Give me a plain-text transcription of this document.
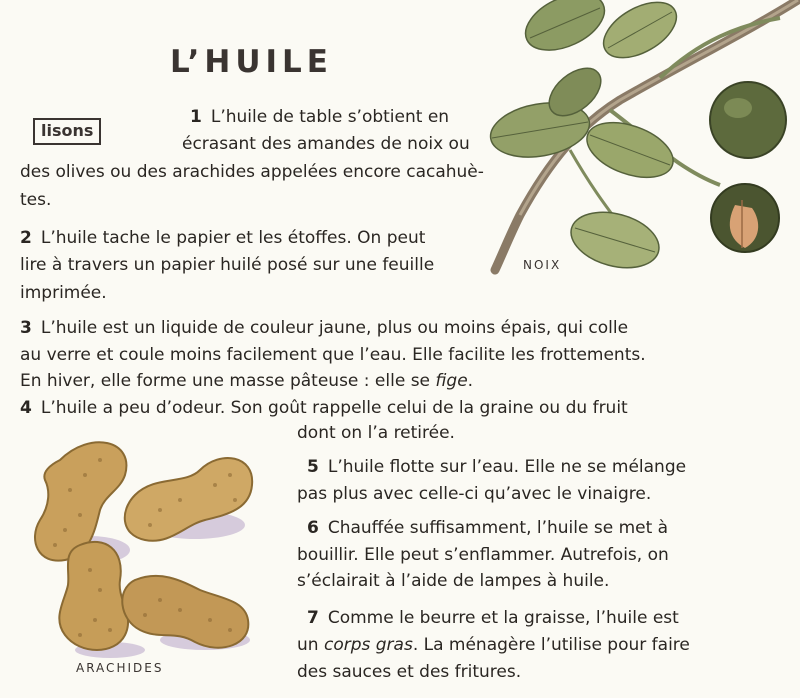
L’HUILE
lisons
NOIX
ARACHIDES
1 L’huile de table s’obtient en
écrasant des amandes de noix ou
des olives ou des arachides appelées encore cacahuè-
tes.
2 L’huile tache le papier et les étoffes. On peut
lire à travers un papier huilé posé sur une feuille
imprimée.
3 L’huile est un liquide de couleur jaune, plus ou moins épais, qui colle
au verre et coule moins facilement que l’eau. Elle facilite les frottements.
En hiver, elle forme une masse pâteuse : elle se fige.
4 L’huile a peu d’odeur. Son goût rappelle celui de la graine ou du fruit
dont on l’a retirée.
5 L’huile flotte sur l’eau. Elle ne se mélange
pas plus avec celle-ci qu’avec le vinaigre.
6 Chauffée suffisamment, l’huile se met à
bouillir. Elle peut s’enflammer. Autrefois, on
s’éclairait à l’aide de lampes à huile.
7 Comme le beurre et la graisse, l’huile est
un corps gras. La ménagère l’utilise pour faire
des sauces et des fritures.
